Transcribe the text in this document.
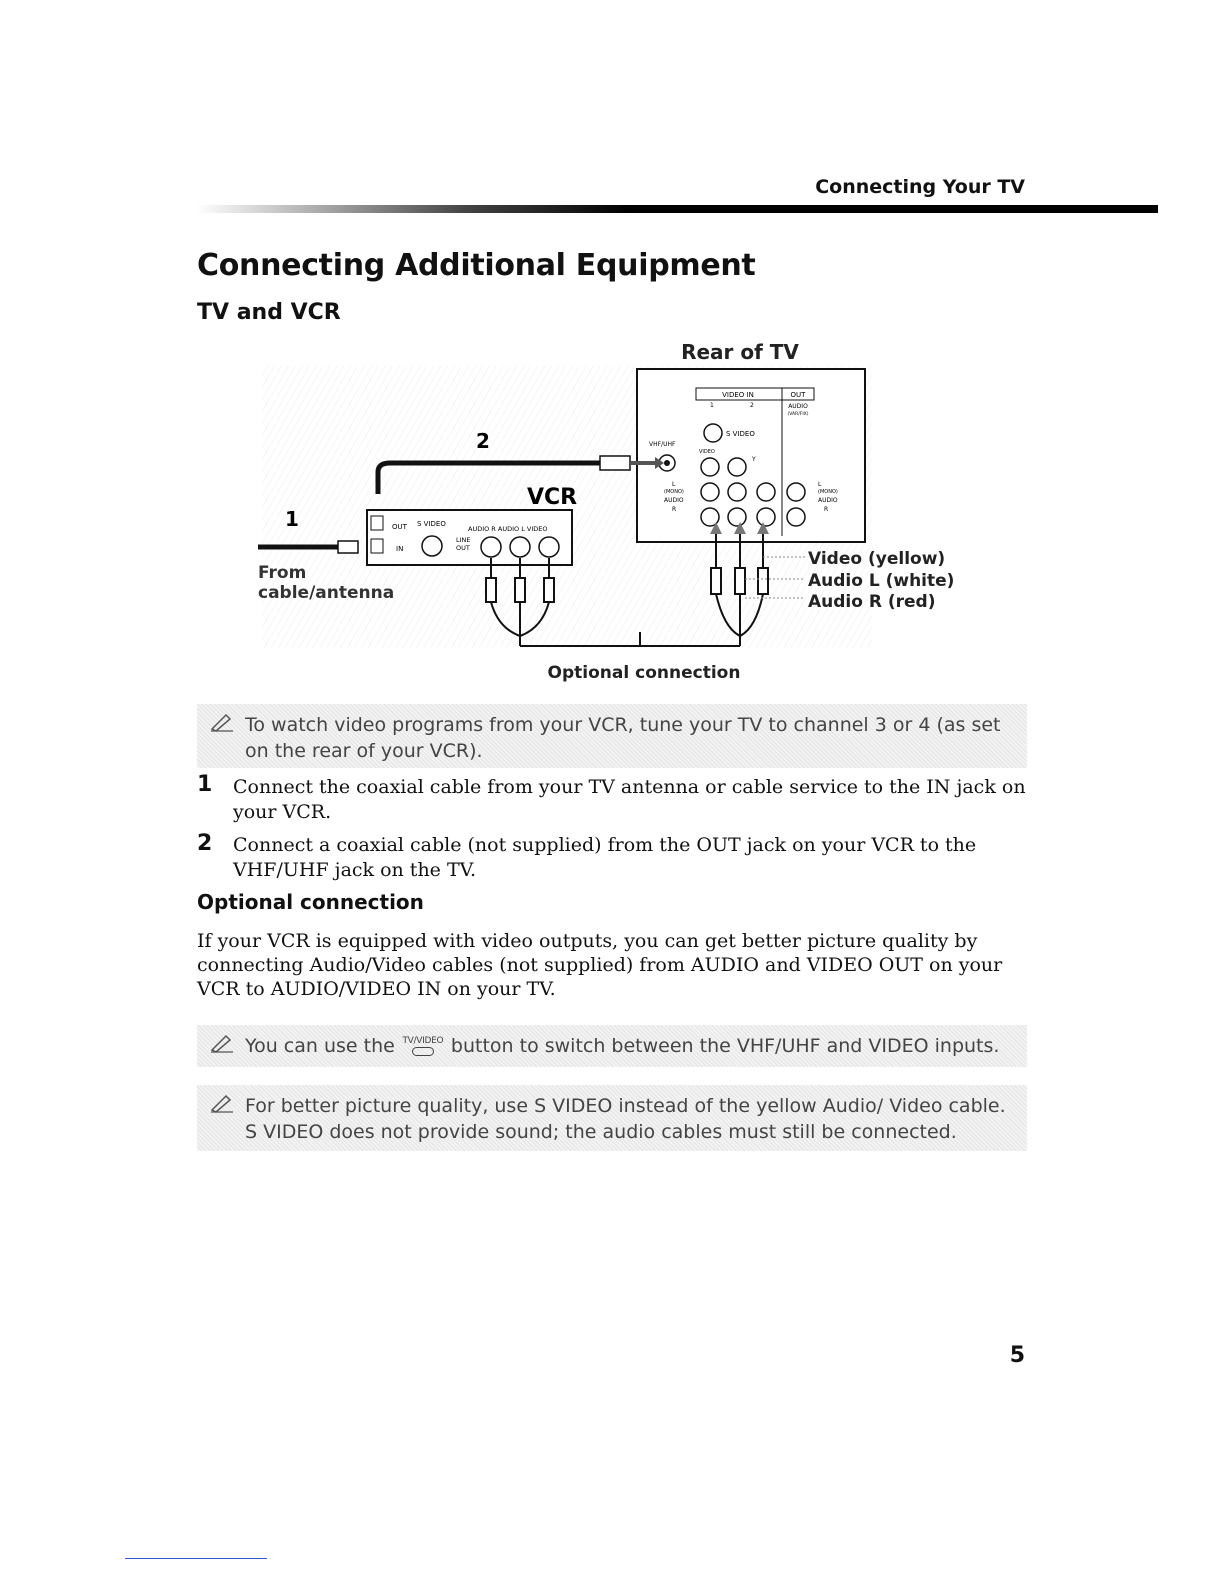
Connecting Your TV
Connecting Additional Equipment
TV and VCR
Rear of TV
VIDEO IN	OUT
1	2	AUDIO
(VAR/FIX)
S VIDEO
VHF/UHF
VIDEO
Y
L
(MONO)
AUDIO
R
L
(MONO)
AUDIO
R
2
VCR
OUT
IN
S VIDEO
AUDIO R AUDIO L VIDEO
LINE
OUT
1
From
cable/antenna
Video (yellow)
Audio L (white)
Audio R (red)
Optional connection
To watch video programs from your VCR, tune your TV to channel 3 or 4 (as set on the rear of your VCR).
1 Connect the coaxial cable from your TV antenna or cable service to the IN jack on your VCR.
2 Connect a coaxial cable (not supplied) from the OUT jack on your VCR to the VHF/UHF jack on the TV.
Optional connection
If your VCR is equipped with video outputs, you can get better picture quality by connecting Audio/Video cables (not supplied) from AUDIO and VIDEO OUT on your VCR to AUDIO/VIDEO IN on your TV.
You can use the TV/VIDEO button to switch between the VHF/UHF and VIDEO inputs.
For better picture quality, use S VIDEO instead of the yellow Audio/ Video cable. S VIDEO does not provide sound; the audio cables must still be connected.
5
